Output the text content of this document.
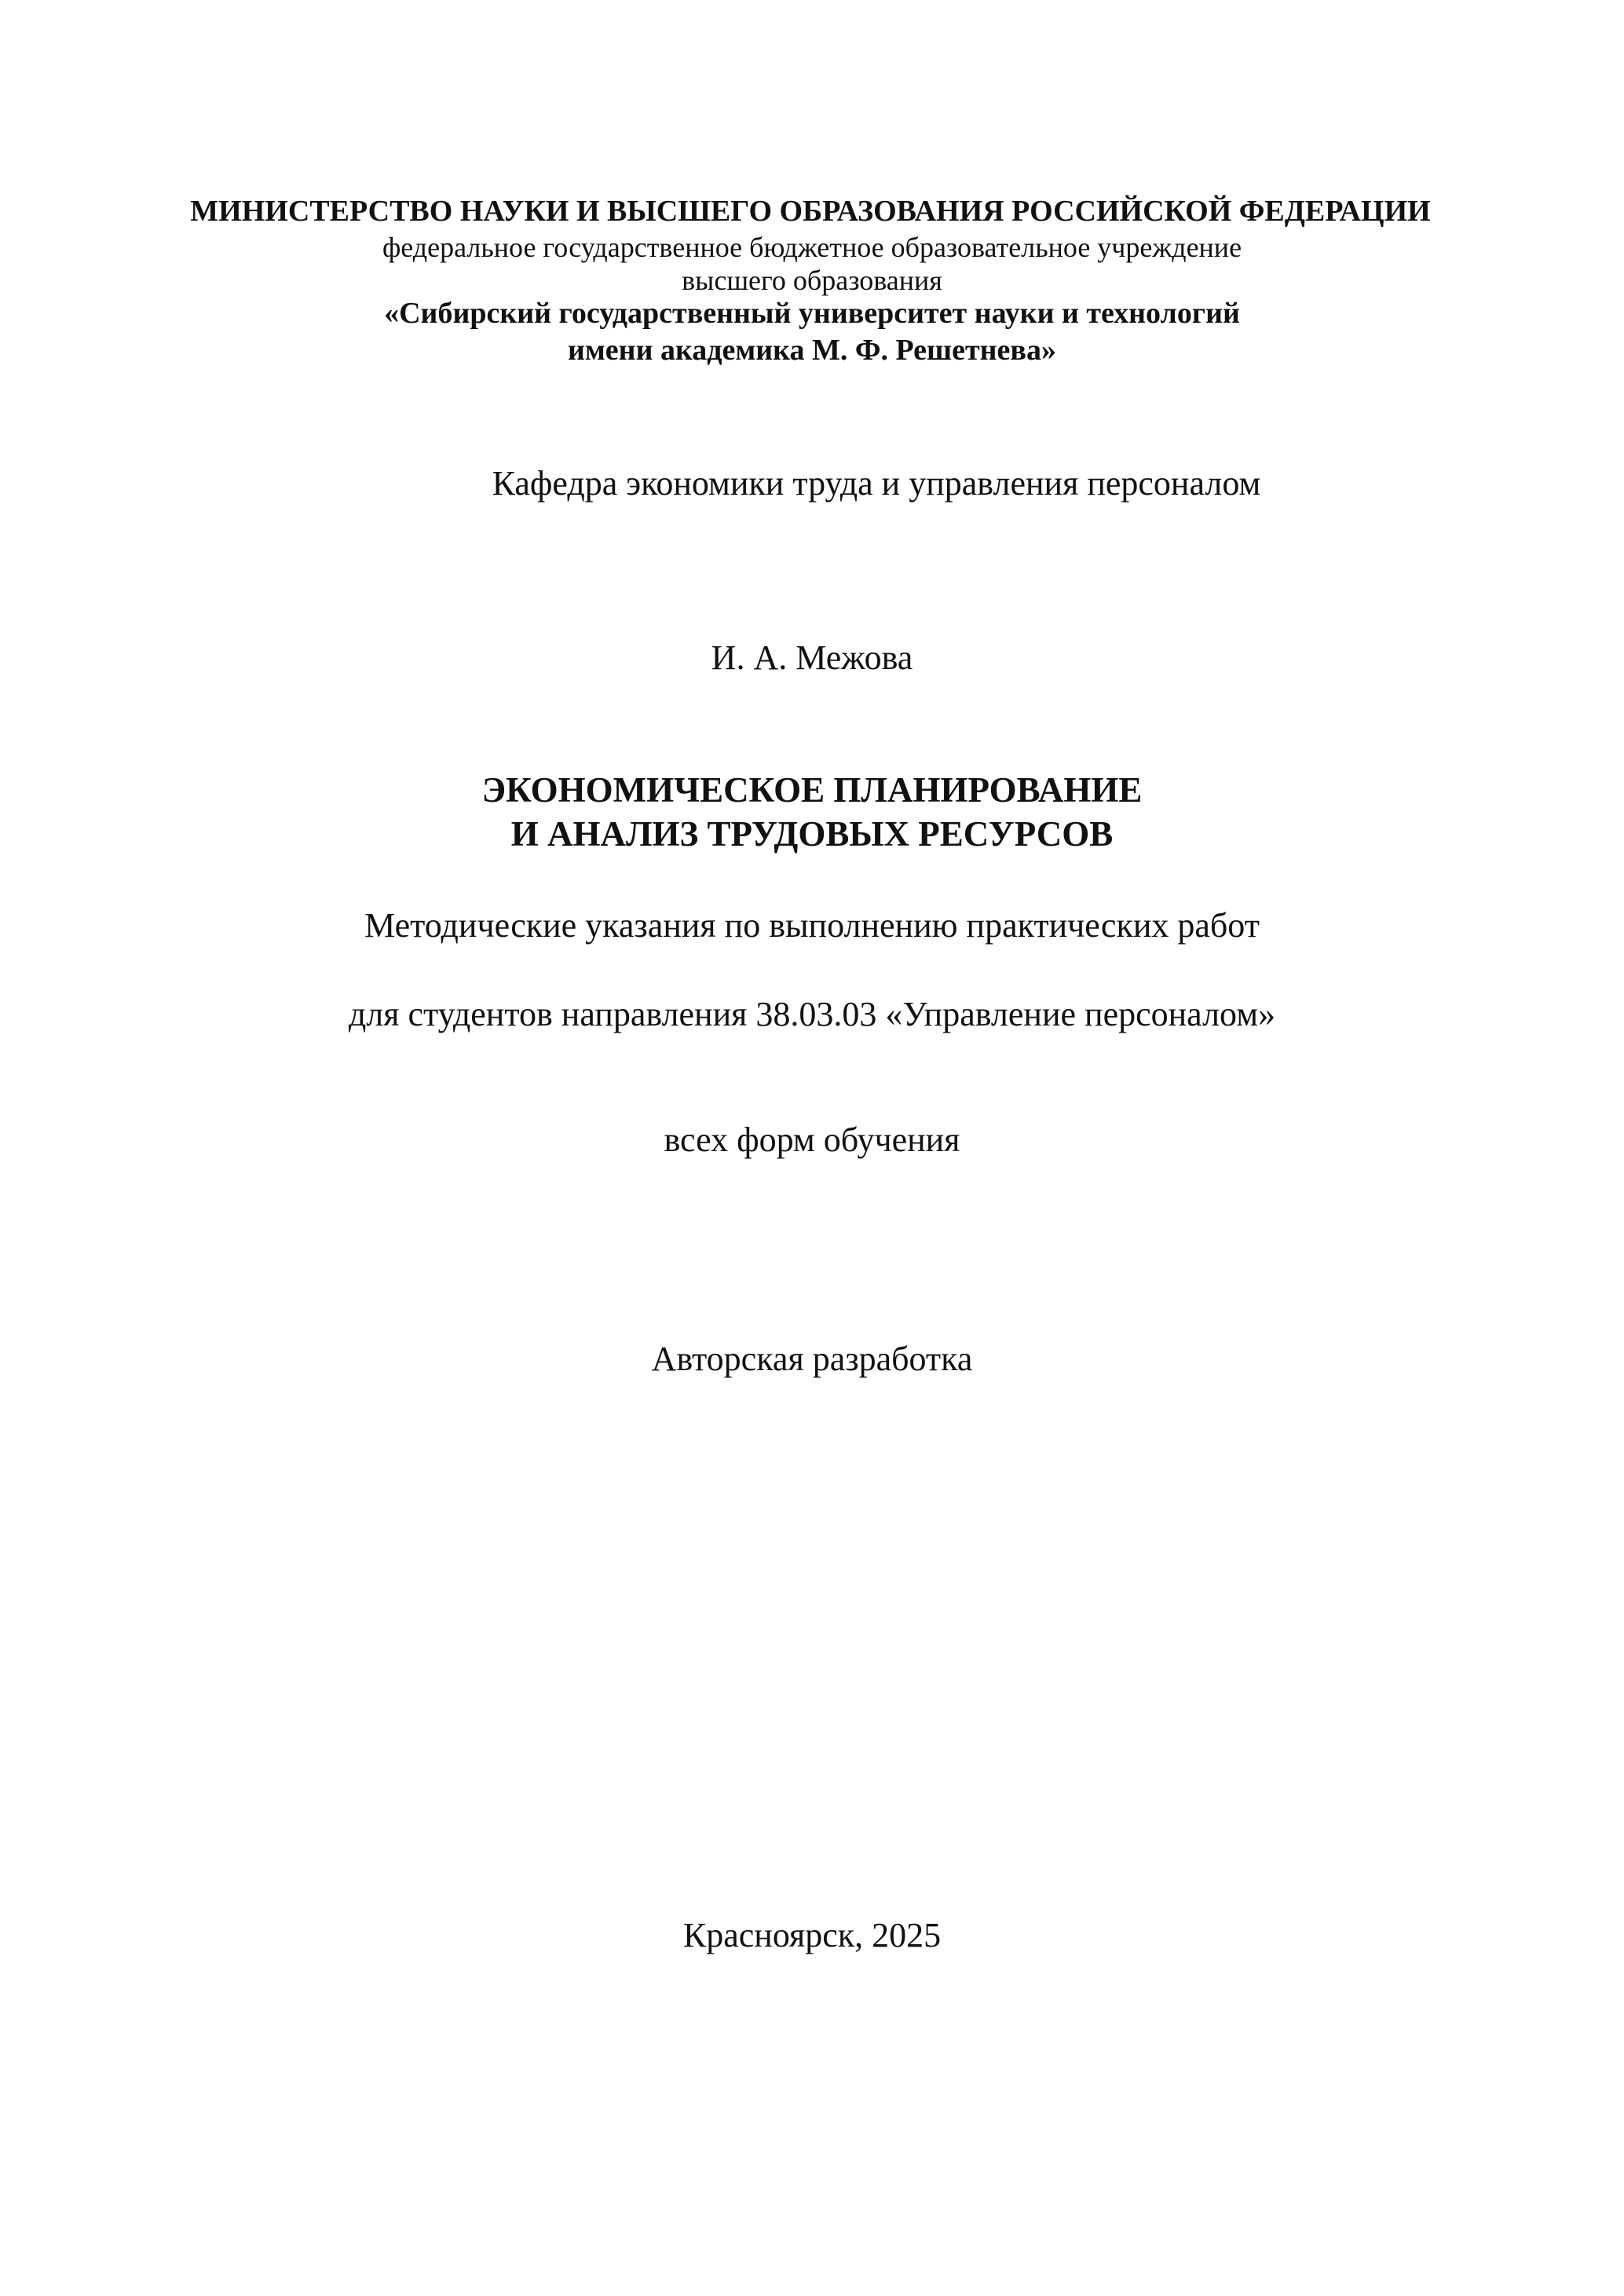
МИНИСТЕРСТВО НАУКИ И ВЫСШЕГО ОБРАЗОВАНИЯ РОССИЙСКОЙ ФЕДЕРАЦИИ
федеральное государственное бюджетное образовательное учреждение
высшего образования
«Сибирский государственный университет науки и технологий
имени академика М. Ф. Решетнева»
Кафедра экономики труда и управления персоналом
И. А. Межова
ЭКОНОМИЧЕСКОЕ ПЛАНИРОВАНИЕ
И АНАЛИЗ ТРУДОВЫХ РЕСУРСОВ
Методические указания по выполнению практических работ
для студентов направления 38.03.03 «Управление персоналом»
всех форм обучения
Авторская разработка
Красноярск, 2025
